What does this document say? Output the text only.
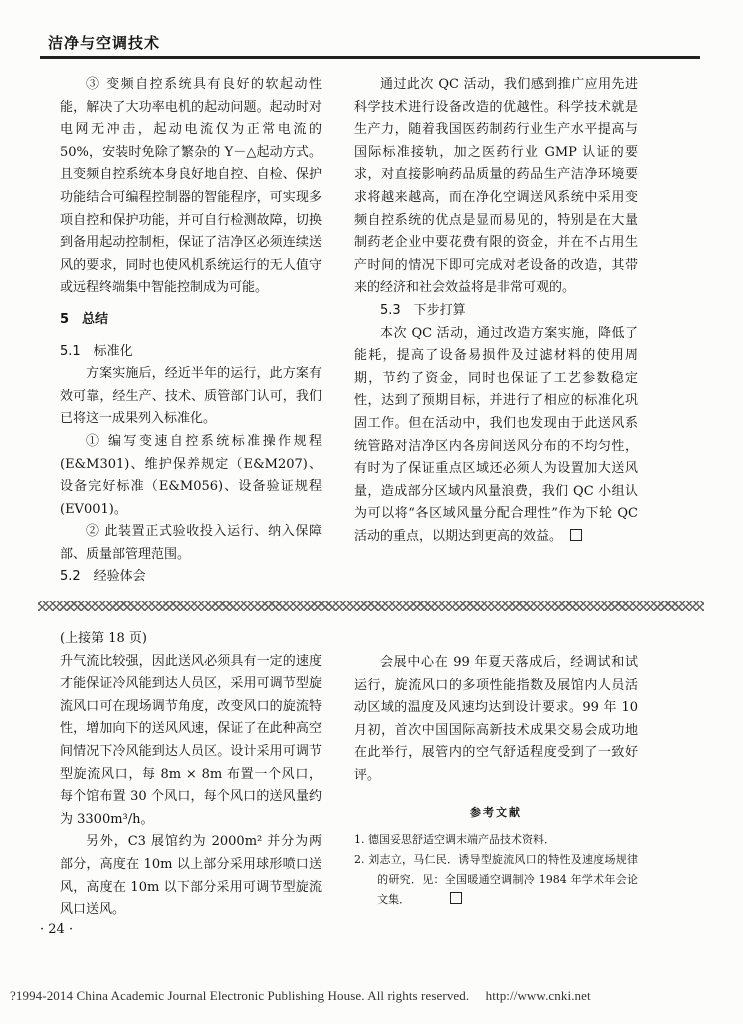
洁净与空调技术

③ 变频自控系统具有良好的软起动性能，解决了大功率电机的起动问题。起动时对电网无冲击，起动电流仅为正常电流的50%，安装时免除了繁杂的 Y－△起动方式。且变频自控系统本身良好地自控、自检、保护功能结合可编程控制器的智能程序，可实现多项自控和保护功能，并可自行检测故障，切换到备用起动控制柜，保证了洁净区必须连续送风的要求，同时也使风机系统运行的无人值守或远程终端集中智能控制成为可能。

5　总结

5.1　标准化

方案实施后，经近半年的运行，此方案有效可靠，经生产、技术、质管部门认可，我们已将这一成果列入标准化。

① 编写变速自控系统标准操作规程(E&M301)、维护保养规定（E&M207)、设备完好标准（E&M056)、设备验证规程(EV001)。

② 此装置正式验收投入运行、纳入保障部、质量部管理范围。

5.2　经验体会

通过此次 QC 活动，我们感到推广应用先进科学技术进行设备改造的优越性。科学技术就是生产力，随着我国医药制药行业生产水平提高与国际标准接轨，加之医药行业 GMP 认证的要求，对直接影响药品质量的药品生产洁净环境要求将越来越高，而在净化空调送风系统中采用变频自控系统的优点是显而易见的，特别是在大量制药老企业中要花费有限的资金，并在不占用生产时间的情况下即可完成对老设备的改造，其带来的经济和社会效益将是非常可观的。

5.3　下步打算

本次 QC 活动，通过改造方案实施，降低了能耗，提高了设备易损件及过滤材料的使用周期，节约了资金，同时也保证了工艺参数稳定性，达到了预期目标，并进行了相应的标准化巩固工作。但在活动中，我们也发现由于此送风系统管路对洁净区内各房间送风分布的不均匀性，有时为了保证重点区域还必须人为设置加大送风量，造成部分区域内风量浪费，我们 QC 小组认为可以将“各区域风量分配合理性”作为下轮 QC 活动的重点，以期达到更高的效益。

(上接第 18 页)

升气流比较强，因此送风必须具有一定的速度才能保证冷风能到达人员区，采用可调节型旋流风口可在现场调节角度，改变风口的旋流特性，增加向下的送风风速，保证了在此种高空间情况下冷风能到达人员区。设计采用可调节型旋流风口，每 8m × 8m 布置一个风口，每个馆布置 30 个风口，每个风口的送风量约为 3300m³/h。

另外，C3 展馆约为 2000m² 并分为两部分，高度在 10m 以上部分采用球形喷口送风，高度在 10m 以下部分采用可调节型旋流风口送风。

会展中心在 99 年夏天落成后，经调试和试运行，旋流风口的多项性能指数及展馆内人员活动区域的温度及风速均达到设计要求。99 年 10 月初，首次中国国际高新技术成果交易会成功地在此举行，展管内的空气舒适程度受到了一致好评。

参考文献

1. 德国妥思舒适空调末端产品技术资料．

2. 刘志立，马仁民．诱导型旋流风口的特性及速度场规律的研究．见：全国暖通空调制冷 1984 年学术年会论文集．

· 24 ·
?1994-2014 China Academic Journal Electronic Publishing House. All rights reserved.　 http://www.cnki.net
